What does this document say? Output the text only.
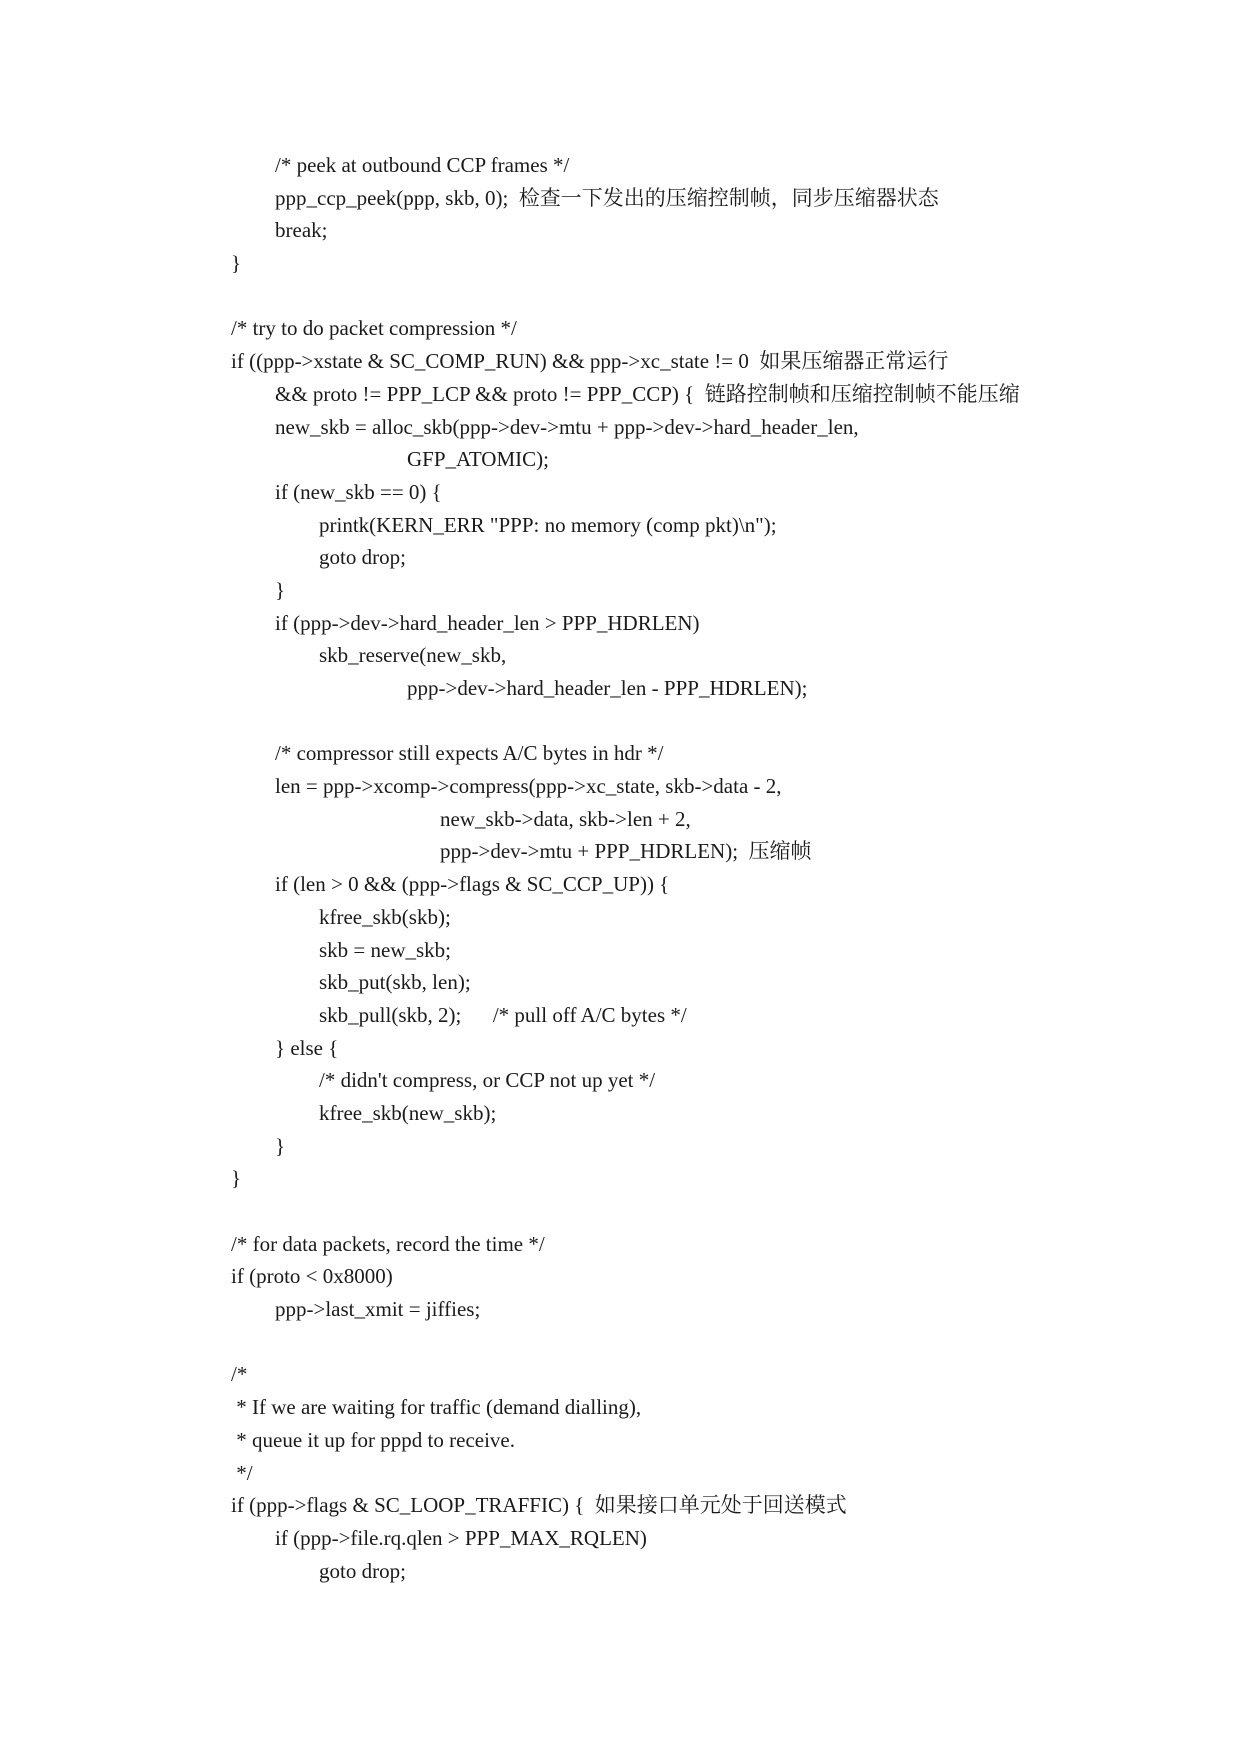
/* peek at outbound CCP frames */
ppp_ccp_peek(ppp, skb, 0);  检查一下发出的压缩控制帧，同步压缩器状态
break;
}
/* try to do packet compression */
if ((ppp->xstate & SC_COMP_RUN) && ppp->xc_state != 0  如果压缩器正常运行
&& proto != PPP_LCP && proto != PPP_CCP) {  链路控制帧和压缩控制帧不能压缩
new_skb = alloc_skb(ppp->dev->mtu + ppp->dev->hard_header_len,
GFP_ATOMIC);
if (new_skb == 0) {
printk(KERN_ERR "PPP: no memory (comp pkt)\n");
goto drop;
}
if (ppp->dev->hard_header_len > PPP_HDRLEN)
skb_reserve(new_skb,
ppp->dev->hard_header_len - PPP_HDRLEN);
/* compressor still expects A/C bytes in hdr */
len = ppp->xcomp->compress(ppp->xc_state, skb->data - 2,
new_skb->data, skb->len + 2,
ppp->dev->mtu + PPP_HDRLEN);  压缩帧
if (len > 0 && (ppp->flags & SC_CCP_UP)) {
kfree_skb(skb);
skb = new_skb;
skb_put(skb, len);
skb_pull(skb, 2);      /* pull off A/C bytes */
} else {
/* didn't compress, or CCP not up yet */
kfree_skb(new_skb);
}
}
/* for data packets, record the time */
if (proto < 0x8000)
ppp->last_xmit = jiffies;
/*
* If we are waiting for traffic (demand dialling),
* queue it up for pppd to receive.
*/
if (ppp->flags & SC_LOOP_TRAFFIC) {  如果接口单元处于回送模式
if (ppp->file.rq.qlen > PPP_MAX_RQLEN)
goto drop;
